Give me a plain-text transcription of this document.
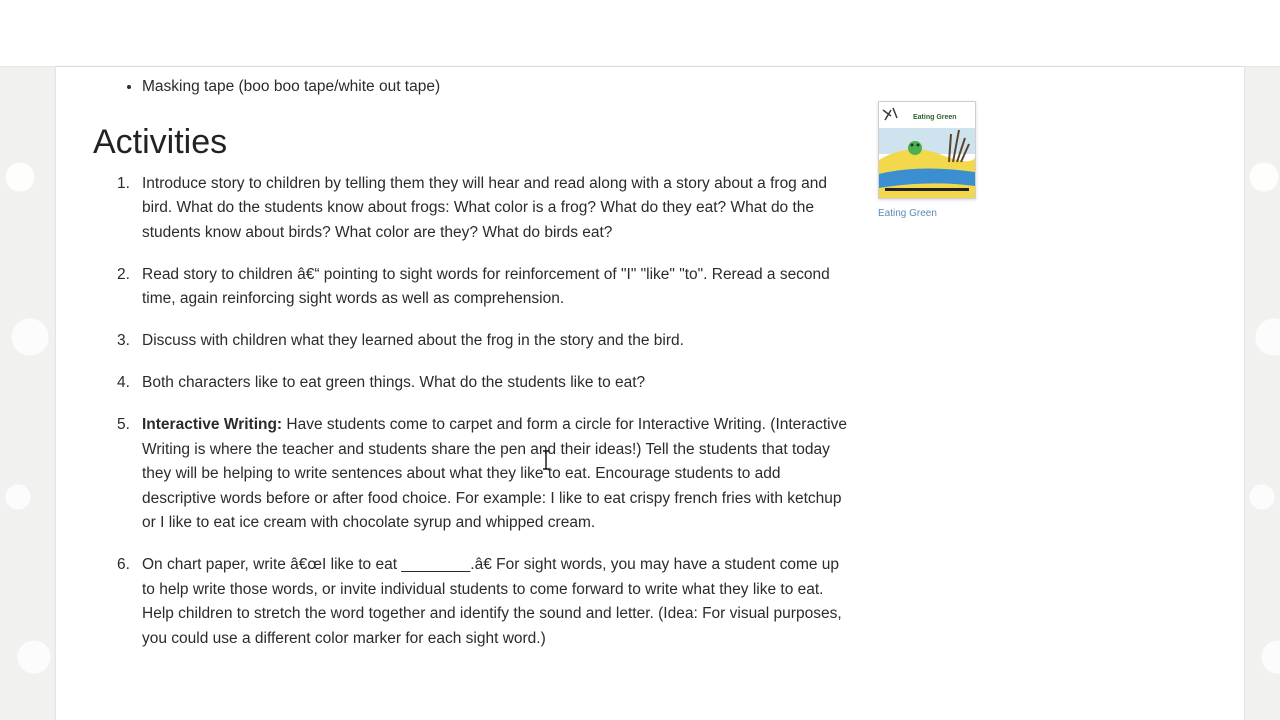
• Masking tape (boo boo tape/white out tape)
Activities
1. Introduce story to children by telling them they will hear and read along with a story about a frog and bird. What do the students know about frogs: What color is a frog? What do they eat? What do the students know about birds? What color are they? What do birds eat?
2. Read story to children â€“ pointing to sight words for reinforcement of "I" "like" "to". Reread a second time, again reinforcing sight words as well as comprehension.
3. Discuss with children what they learned about the frog in the story and the bird.
4. Both characters like to eat green things. What do the students like to eat?
5. Interactive Writing: Have students come to carpet and form a circle for Interactive Writing. (Interactive Writing is where the teacher and students share the pen and their ideas!) Tell the students that today they will be helping to write sentences about what they like to eat. Encourage students to add descriptive words before or after food choice. For example: I like to eat crispy french fries with ketchup or I like to eat ice cream with chocolate syrup and whipped cream.
6. On chart paper, write â€œI like to eat ________.â€ For sight words, you may have a student come up to help write those words, or invite individual students to come forward to write what they like to eat. Help children to stretch the word together and identify the sound and letter. (Idea: For visual purposes, you could use a different color marker for each sight word.)
Eating Green
Eating Green
